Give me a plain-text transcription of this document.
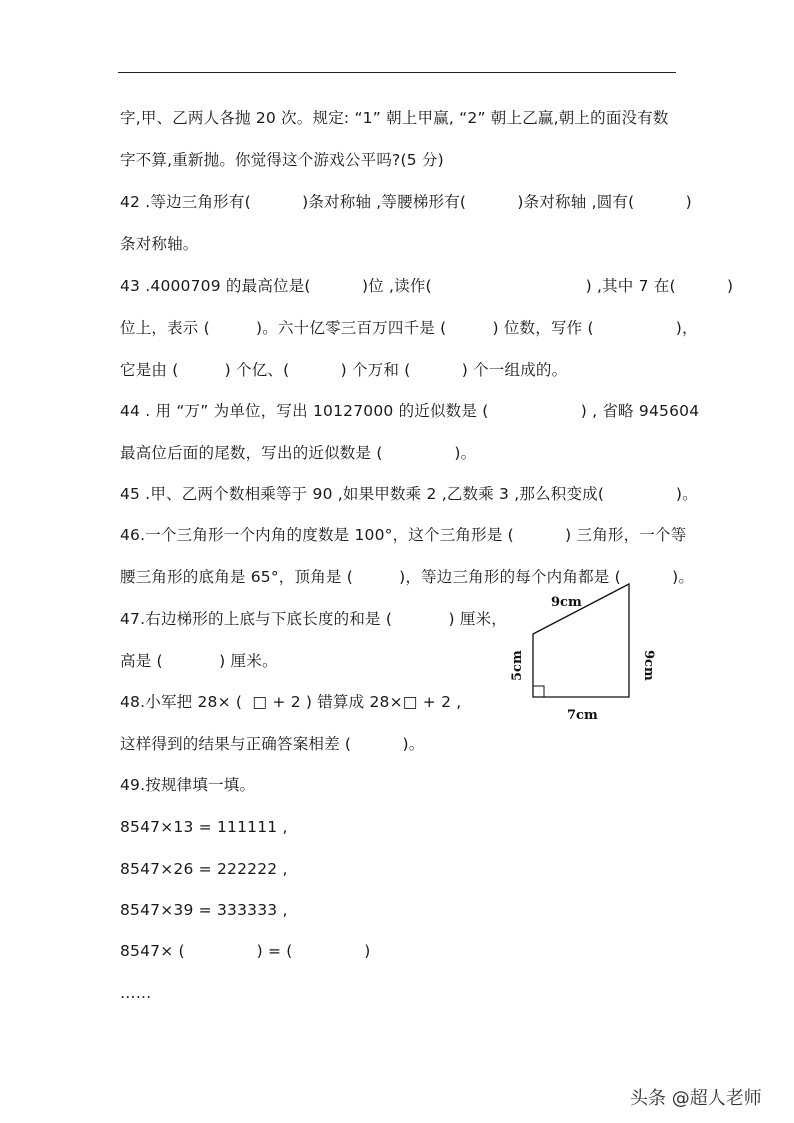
字,甲、乙两人各抛 20 次。规定: “1” 朝上甲赢, “2” 朝上乙赢,朝上的面没有数
字不算,重新抛。你觉得这个游戏公平吗?(5 分)
42 .等边三角形有(          )条对称轴 ,等腰梯形有(          )条对称轴 ,圆有(          )
条对称轴。
43 .4000709 的最高位是(          )位 ,读作(                              ) ,其中 7 在(          )
位上，表示 (         )。六十亿零三百万四千是 (         ) 位数，写作 (                )，
它是由 (         ) 个亿、(          ) 个万和 (          ) 个一组成的。
44 . 用 “万” 为单位，写出 10127000 的近似数是 (                  ) , 省略 945604
最高位后面的尾数，写出的近似数是 (              )。
45 .甲、乙两个数相乘等于 90 ,如果甲数乘 2 ,乙数乘 3 ,那么积变成(              )。
46.一个三角形一个内角的度数是 100°，这个三角形是 (          ) 三角形，一个等
腰三角形的底角是 65°，顶角是 (         )，等边三角形的每个内角都是 (          )。
47.右边梯形的上底与下底长度的和是 (           ) 厘米，
高是 (           ) 厘米。
48.小军把 28× (  □ + 2 ) 错算成 28×□ + 2 ,
这样得到的结果与正确答案相差 (          )。
49.按规律填一填。
8547×13 = 111111 ,
8547×26 = 222222 ,
8547×39 = 333333 ,
8547× (              ) = (              )
……
9cm
9cm
5cm
7cm
头条 @超人老师
